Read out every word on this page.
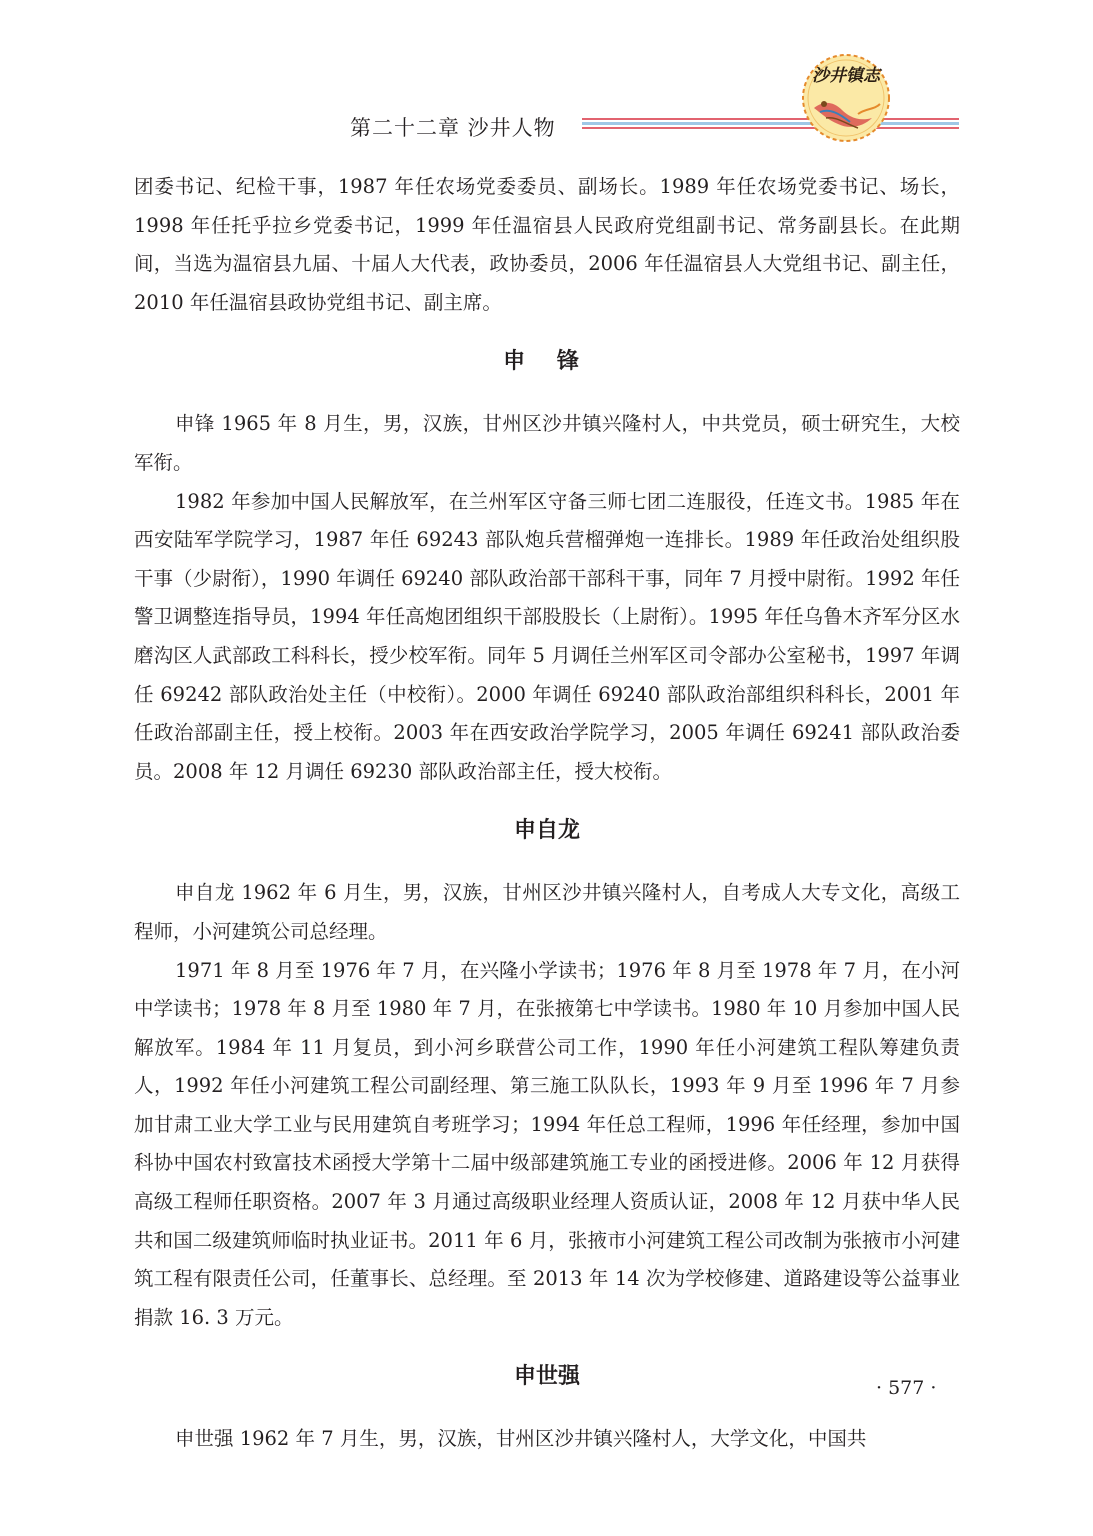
第二十二章 沙井人物
沙井镇志

团委书记、纪检干事，1987 年任农场党委委员、副场长。1989 年任农场党委书记、场长，1998 年任托乎拉乡党委书记，1999 年任温宿县人民政府党组副书记、常务副县长。在此期间，当选为温宿县九届、十届人大代表，政协委员，2006 年任温宿县人大党组书记、副主任，2010 年任温宿县政协党组书记、副主席。

申 锋

申锋 1965 年 8 月生，男，汉族，甘州区沙井镇兴隆村人，中共党员，硕士研究生，大校军衔。

1982 年参加中国人民解放军，在兰州军区守备三师七团二连服役，任连文书。1985 年在西安陆军学院学习，1987 年任 69243 部队炮兵营榴弹炮一连排长。1989 年任政治处组织股干事（少尉衔），1990 年调任 69240 部队政治部干部科干事，同年 7 月授中尉衔。1992 年任警卫调整连指导员，1994 年任高炮团组织干部股股长（上尉衔）。1995 年任乌鲁木齐军分区水磨沟区人武部政工科科长，授少校军衔。同年 5 月调任兰州军区司令部办公室秘书，1997 年调任 69242 部队政治处主任（中校衔）。2000 年调任 69240 部队政治部组织科科长，2001 年任政治部副主任，授上校衔。2003 年在西安政治学院学习，2005 年调任 69241 部队政治委员。2008 年 12 月调任 69230 部队政治部主任，授大校衔。

申自龙

申自龙 1962 年 6 月生，男，汉族，甘州区沙井镇兴隆村人，自考成人大专文化，高级工程师，小河建筑公司总经理。

1971 年 8 月至 1976 年 7 月，在兴隆小学读书；1976 年 8 月至 1978 年 7 月，在小河中学读书；1978 年 8 月至 1980 年 7 月，在张掖第七中学读书。1980 年 10 月参加中国人民解放军。1984 年 11 月复员，到小河乡联营公司工作，1990 年任小河建筑工程队筹建负责人，1992 年任小河建筑工程公司副经理、第三施工队队长，1993 年 9 月至 1996 年 7 月参加甘肃工业大学工业与民用建筑自考班学习；1994 年任总工程师，1996 年任经理，参加中国科协中国农村致富技术函授大学第十二届中级部建筑施工专业的函授进修。2006 年 12 月获得高级工程师任职资格。2007 年 3 月通过高级职业经理人资质认证，2008 年 12 月获中华人民共和国二级建筑师临时执业证书。2011 年 6 月，张掖市小河建筑工程公司改制为张掖市小河建筑工程有限责任公司，任董事长、总经理。至 2013 年 14 次为学校修建、道路建设等公益事业捐款 16. 3 万元。

申世强

申世强 1962 年 7 月生，男，汉族，甘州区沙井镇兴隆村人，大学文化，中国共

· 577 ·
